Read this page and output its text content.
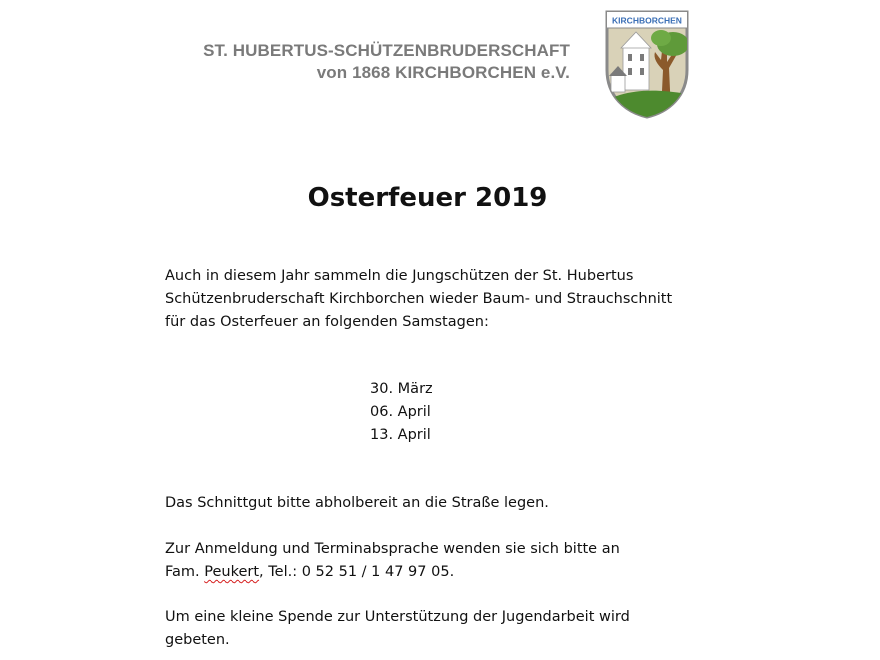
ST. HUBERTUS-SCHÜTZENBRUDERSCHAFT
von 1868 KIRCHBORCHEN e.V.
KIRCHBORCHEN
Osterfeuer 2019
Auch in diesem Jahr sammeln die Jungschützen der St. Hubertus
Schützenbruderschaft Kirchborchen wieder Baum- und Strauchschnitt
für das Osterfeuer an folgenden Samstagen:
30. März
06. April
13. April
Das Schnittgut bitte abholbereit an die Straße legen.
Zur Anmeldung und Terminabsprache wenden sie sich bitte an
Fam. Peukert, Tel.: 0 52 51 / 1 47 97 05.
Um eine kleine Spende zur Unterstützung der Jugendarbeit wird
gebeten.
